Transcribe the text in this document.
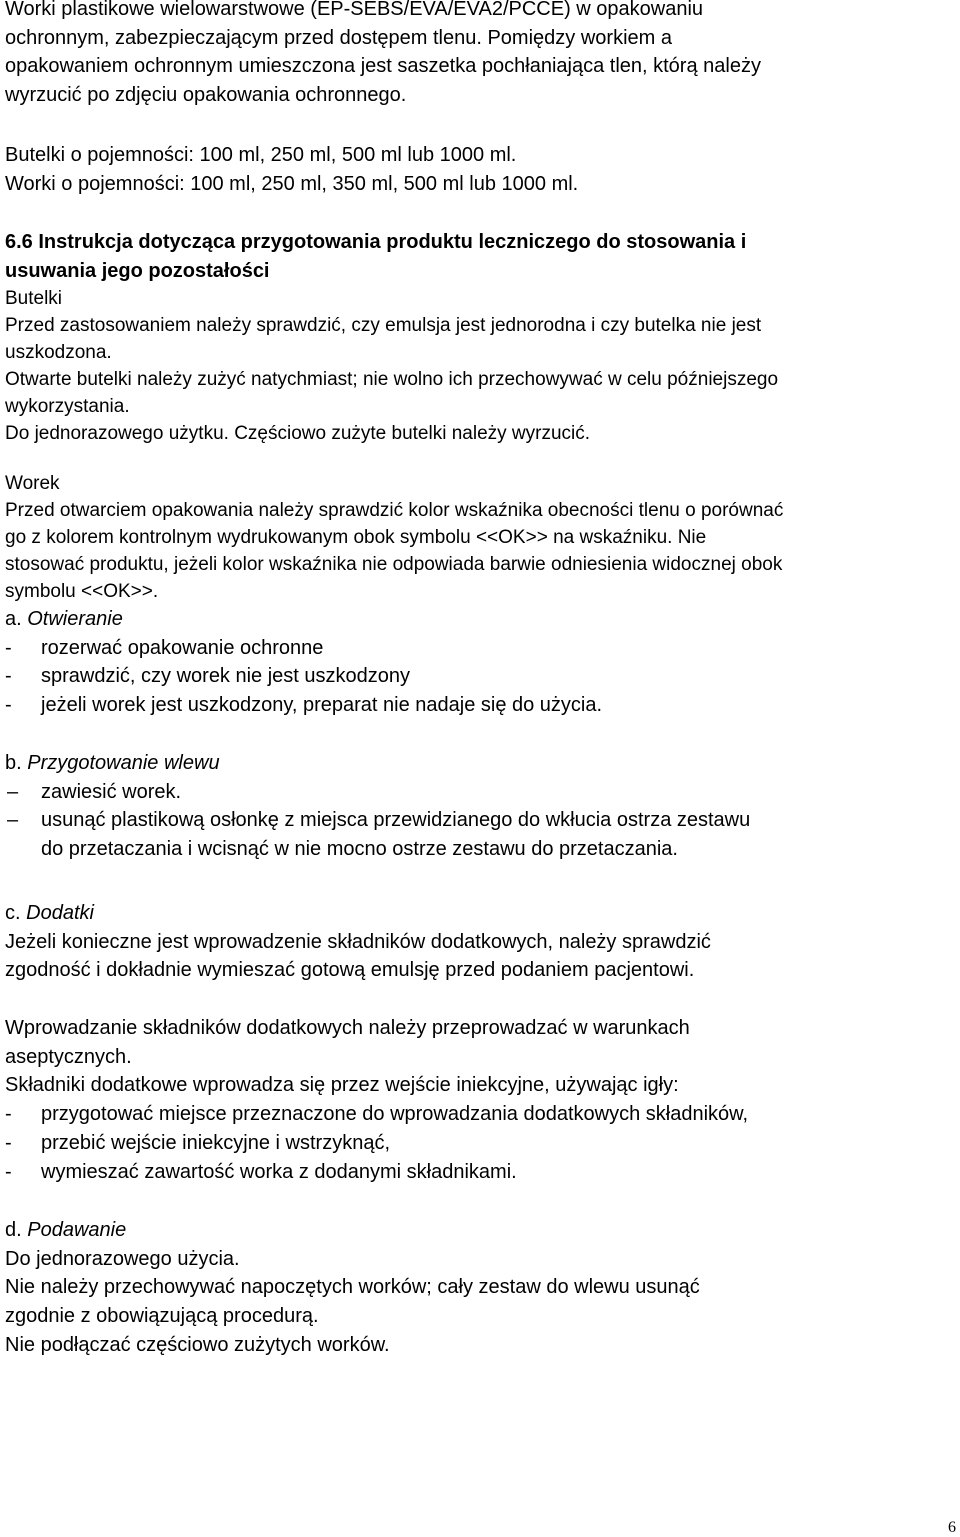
Worki plastikowe wielowarstwowe (EP-SEBS/EVA/EVA2/PCCE) w opakowaniu

ochronnym, zabezpieczającym przed dostępem tlenu. Pomiędzy workiem a

opakowaniem ochronnym umieszczona jest saszetka pochłaniająca tlen, którą należy

wyrzucić po zdjęciu opakowania ochronnego.

Butelki o pojemności: 100 ml, 250 ml, 500 ml lub 1000 ml.

Worki o pojemności: 100 ml, 250 ml, 350 ml, 500 ml lub 1000 ml.

6.6 Instrukcja dotycząca przygotowania produktu leczniczego do stosowania i

usuwania jego pozostałości

Butelki

Przed zastosowaniem należy sprawdzić, czy emulsja jest jednorodna i czy butelka nie jest

uszkodzona.

Otwarte butelki należy zużyć natychmiast; nie wolno ich przechowywać w celu późniejszego

wykorzystania.

Do jednorazowego użytku. Częściowo zużyte butelki należy wyrzucić.

Worek

Przed otwarciem opakowania należy sprawdzić kolor wskaźnika obecności tlenu o porównać

go z kolorem kontrolnym wydrukowanym obok symbolu <<OK>> na wskaźniku. Nie

stosować produktu, jeżeli kolor wskaźnika nie odpowiada barwie odniesienia widocznej obok

symbolu <<OK>>.

a. Otwieranie

- rozerwać opakowanie ochronne
- sprawdzić, czy worek nie jest uszkodzony
- jeżeli worek jest uszkodzony, preparat nie nadaje się do użycia.

b. Przygotowanie wlewu

– zawiesić worek.
– usunąć plastikową osłonkę z miejsca przewidzianego do wkłucia ostrza zestawu

do przetaczania i wcisnąć w nie mocno ostrze zestawu do przetaczania.

c. Dodatki

Jeżeli konieczne jest wprowadzenie składników dodatkowych, należy sprawdzić

zgodność i dokładnie wymieszać gotową emulsję przed podaniem pacjentowi.

Wprowadzanie składników dodatkowych należy przeprowadzać w warunkach

aseptycznych.

Składniki dodatkowe wprowadza się przez wejście iniekcyjne, używając igły:

- przygotować miejsce przeznaczone do wprowadzania dodatkowych składników,
- przebić wejście iniekcyjne i wstrzyknąć,
- wymieszać zawartość worka z dodanymi składnikami.

d. Podawanie

Do jednorazowego użycia.

Nie należy przechowywać napoczętych worków; cały zestaw do wlewu usunąć

zgodnie z obowiązującą procedurą.

Nie podłączać częściowo zużytych worków.

6
